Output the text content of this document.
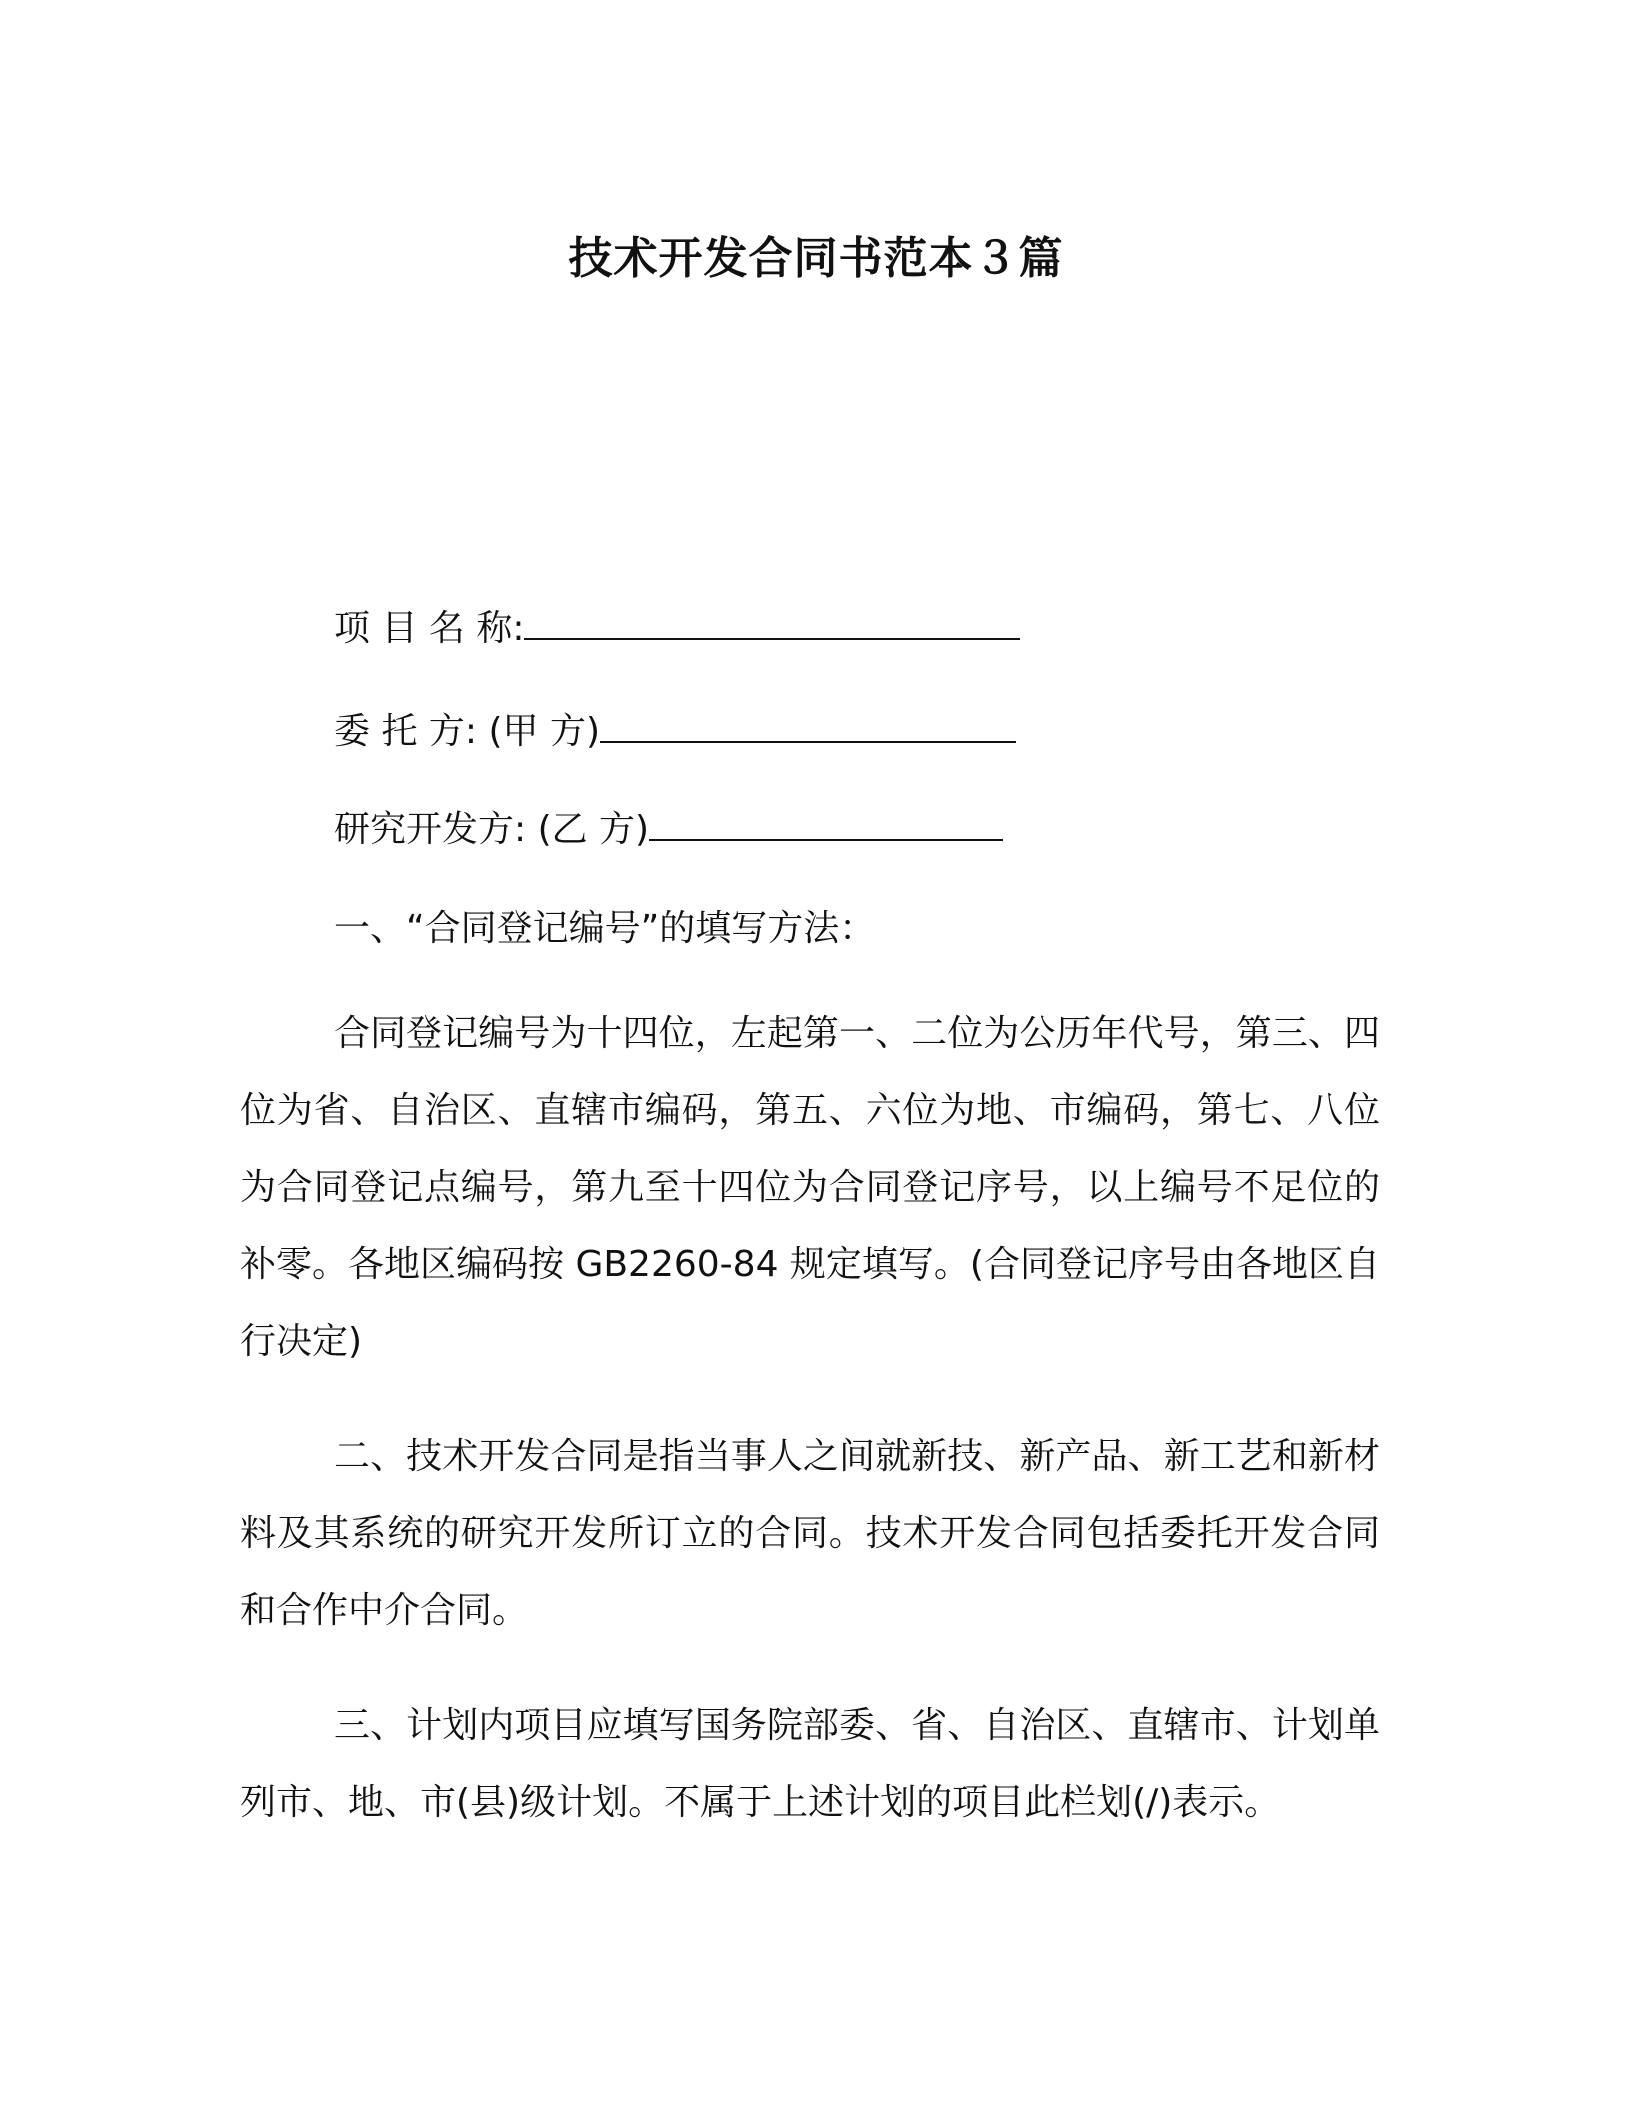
技术开发合同书范本３篇

项 目 名 称:

委 托 方: (甲 方)

研究开发方: (乙 方)

一、“合同登记编号”的填写方法：

合同登记编号为十四位，左起第一、二位为公历年代号，第三、四位为省、自治区、直辖市编码，第五、六位为地、市编码，第七、八位为合同登记点编号，第九至十四位为合同登记序号，以上编号不足位的补零。各地区编码按 GB2260-84 规定填写。(合同登记序号由各地区自行决定)

二、技术开发合同是指当事人之间就新技、新产品、新工艺和新材料及其系统的研究开发所订立的合同。技术开发合同包括委托开发合同和合作中介合同。

三、计划内项目应填写国务院部委、省、自治区、直辖市、计划单列市、地、市(县)级计划。不属于上述计划的项目此栏划(/)表示。
